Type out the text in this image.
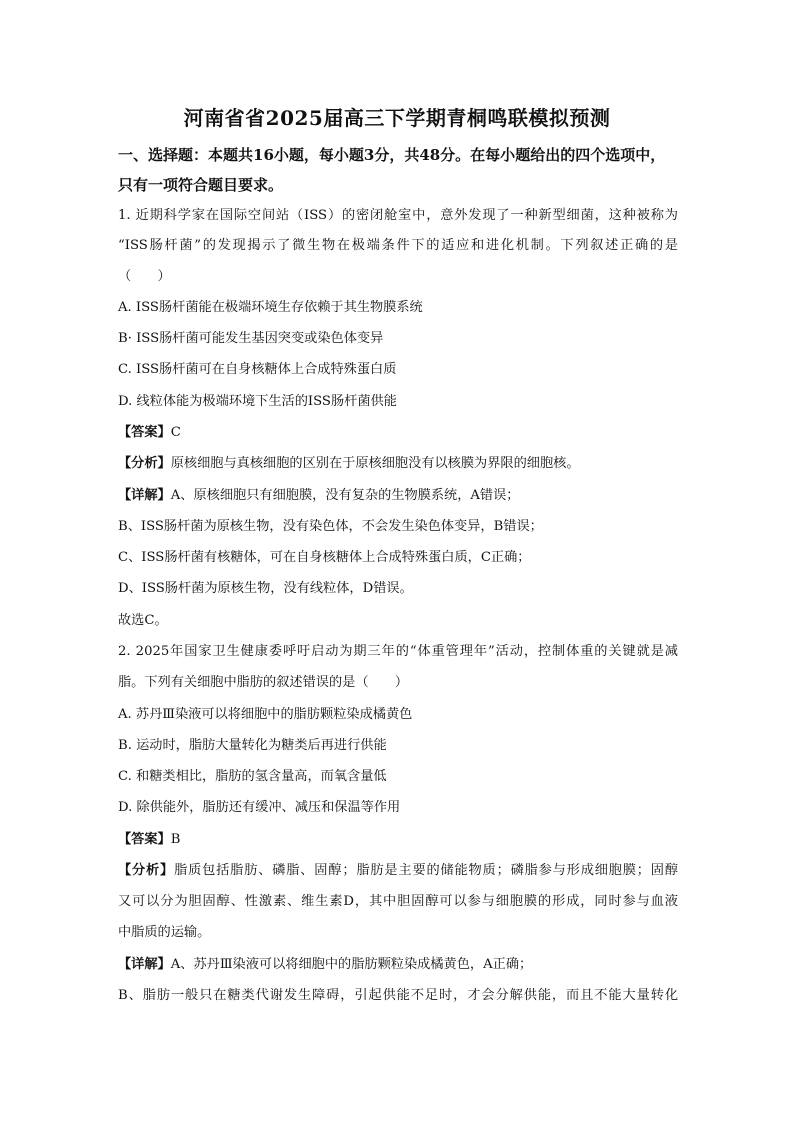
河南省省2025届高三下学期青桐鸣联模拟预测
一、选择题：本题共16小题，每小题3分，共48分。在每小题给出的四个选项中，只有一项符合题目要求。
1. 近期科学家在国际空间站（ISS）的密闭舱室中，意外发现了一种新型细菌，这种被称为
“ISS肠杆菌”的发现揭示了微生物在极端条件下的适应和进化机制。下列叙述正确的是
（　　）
A. ISS肠杆菌能在极端环境生存依赖于其生物膜系统
B· ISS肠杆菌可能发生基因突变或染色体变异
C. ISS肠杆菌可在自身核糖体上合成特殊蛋白质
D. 线粒体能为极端环境下生活的ISS肠杆菌供能
【答案】C
【分析】原核细胞与真核细胞的区别在于原核细胞没有以核膜为界限的细胞核。
【详解】A、原核细胞只有细胞膜，没有复杂的生物膜系统，A错误；
B、ISS肠杆菌为原核生物，没有染色体，不会发生染色体变异，B错误；
C、ISS肠杆菌有核糖体，可在自身核糖体上合成特殊蛋白质，C正确；
D、ISS肠杆菌为原核生物，没有线粒体，D错误。
故选C。
2. 2025年国家卫生健康委呼吁启动为期三年的“体重管理年”活动，控制体重的关键就是减
脂。下列有关细胞中脂肪的叙述错误的是（　　）
A. 苏丹Ⅲ染液可以将细胞中的脂肪颗粒染成橘黄色
B. 运动时，脂肪大量转化为糖类后再进行供能
C. 和糖类相比，脂肪的氢含量高，而氧含量低
D. 除供能外，脂肪还有缓冲、减压和保温等作用
【答案】B
【分析】脂质包括脂肪、磷脂、固醇；脂肪是主要的储能物质；磷脂参与形成细胞膜；固醇
又可以分为胆固醇、性激素、维生素D，其中胆固醇可以参与细胞膜的形成，同时参与血液
中脂质的运输。
【详解】A、苏丹Ⅲ染液可以将细胞中的脂肪颗粒染成橘黄色，A正确；
B、脂肪一般只在糖类代谢发生障碍，引起供能不足时，才会分解供能，而且不能大量转化
